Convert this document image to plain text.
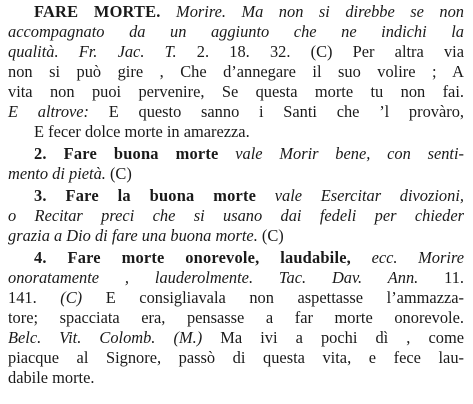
FARE MORTE. Morire. Ma non si direbbe se non
accompagnato da un aggiunto che ne indichi la
qualità. Fr. Jac. T. 2. 18. 32. (C) Per altra via
non si può gire , Che d’annegare il suo volire ; A
vita non puoi pervenire, Se questa morte tu non fai.
E altrove: E questo sanno i Santi che ’l provàro,
E fecer dolce morte in amarezza.
2. Fare buona morte vale Morir bene, con senti-
mento di pietà. (C)
3. Fare la buona morte vale Esercitar divozioni,
o Recitar preci che si usano dai fedeli per chieder
grazia a Dio di fare una buona morte. (C)
4. Fare morte onorevole, laudabile, ecc. Morire
onoratamente , lauderolmente. Tac. Dav. Ann. 11.
141. (C) E consigliavala non aspettasse l’ammazza-
tore; spacciata era, pensasse a far morte onorevole.
Belc. Vit. Colomb. (M.) Ma ivi a pochi dì , come
piacque al Signore, passò di questa vita, e fece lau-
dabile morte.
